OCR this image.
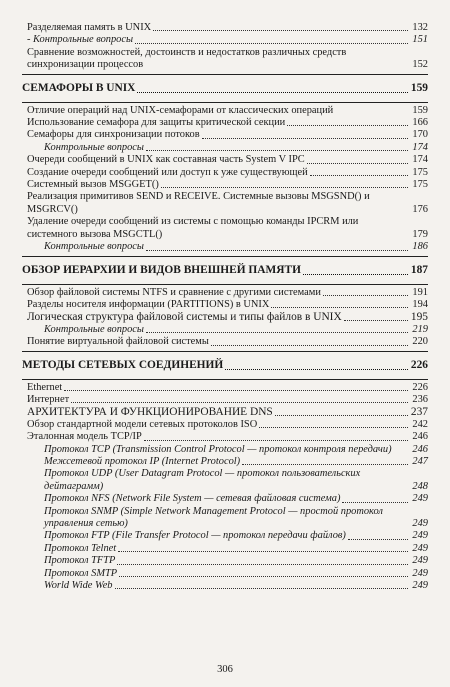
Разделяемая память в UNIX	132
- Контрольные вопросы	151
Сравнение возможностей, достоинств и недостатков различных средств синхронизации процессов	152
СЕМАФОРЫ В UNIX	159
Отличие операций над UNIX-семафорами от классических операций	159
Использование семафора для защиты критической секции	166
Семафоры для синхронизации потоков	170
Контрольные вопросы	174
Очереди сообщений в UNIX как составная часть System V IPC	174
Создание очереди сообщений или доступ к уже существующей	175
Системный вызов MSGGET()	175
Реализация примитивов SEND и RECEIVE. Системные вызовы MSGSND() и MSGRCV()	176
Удаление очереди сообщений из системы с помощью команды IPCRM или системного вызова MSGCTL()	179
Контрольные вопросы	186
ОБЗОР ИЕРАРХИИ И ВИДОВ ВНЕШНЕЙ ПАМЯТИ	187
Обзор файловой системы NTFS и сравнение с другими системами	191
Разделы носителя информации (PARTITIONS) в UNIX	194
Логическая структура файловой системы и типы файлов в UNIX	195
Контрольные вопросы	219
Понятие виртуальной файловой системы	220
МЕТОДЫ СЕТЕВЫХ СОЕДИНЕНИЙ	226
Ethernet	226
Интернет	236
АРХИТЕКТУРА И ФУНКЦИОНИРОВАНИЕ DNS	237
Обзор стандартной модели сетевых протоколов ISO	242
Эталонная модель TCP/IP	246
Протокол TCP (Transmission Control Protocol — протокол контроля передачи)	246
Межсетевой протокол IP (Internet Protocol)	247
Протокол UDP (User Datagram Protocol — протокол пользовательских дейтаграмм)	248
Протокол NFS (Network File System — сетевая файловая система)	249
Протокол SNMP (Simple Network Management Protocol — простой протокол управления сетью)	249
Протокол FTP (File Transfer Protocol — протокол передачи файлов)	249
Протокол Telnet	249
Протокол TFTP	249
Протокол SMTP	249
World Wide Web	249
306
